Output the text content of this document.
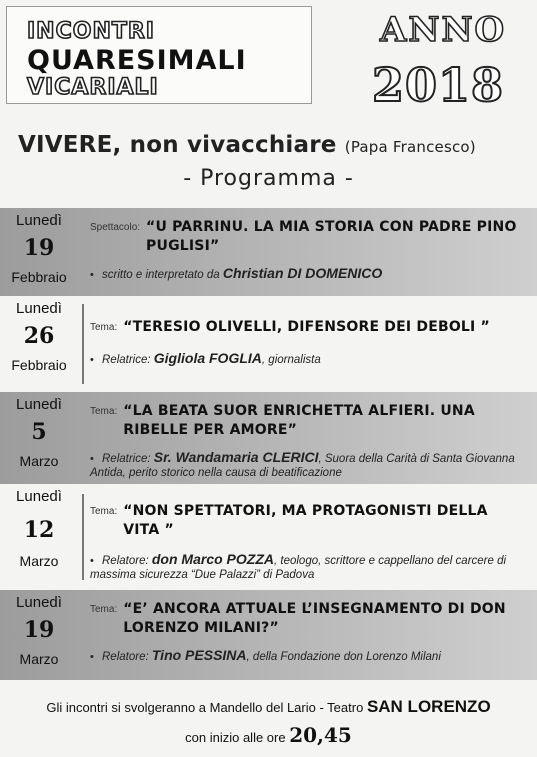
INCONTRI
QUARESIMALI
VICARIALI
ANNO
2018
VIVERE, non vivacchiare (Papa Francesco)
- Programma -
Lunedì
19
Febbraio
Spettacolo: “U PARRINU. LA MIA STORIA CON PADRE PINO PUGLISI”
• scritto e interpretato da Christian DI DOMENICO
Lunedì
26
Febbraio
Tema: “TERESIO OLIVELLI, DIFENSORE DEI DEBOLI ”
• Relatrice: Gigliola FOGLIA, giornalista
Lunedì
5
Marzo
Tema: “LA BEATA SUOR ENRICHETTA ALFIERI. UNA RIBELLE PER AMORE”
• Relatrice: Sr. Wandamaria CLERICI, Suora della Carità di Santa Giovanna Antida, perito storico nella causa di beatificazione
Lunedì
12
Marzo
Tema: “NON SPETTATORI, MA PROTAGONISTI DELLA VITA ”
• Relatore: don Marco POZZA, teologo, scrittore e cappellano del carcere di massima sicurezza “Due Palazzi” di Padova
Lunedì
19
Marzo
Tema: “E’ ANCORA ATTUALE L’INSEGNAMENTO DI DON LORENZO MILANI?”
• Relatore: Tino PESSINA, della Fondazione don Lorenzo Milani
Gli incontri si svolgeranno a Mandello del Lario - Teatro SAN LORENZO
con inizio alle ore 20,45
